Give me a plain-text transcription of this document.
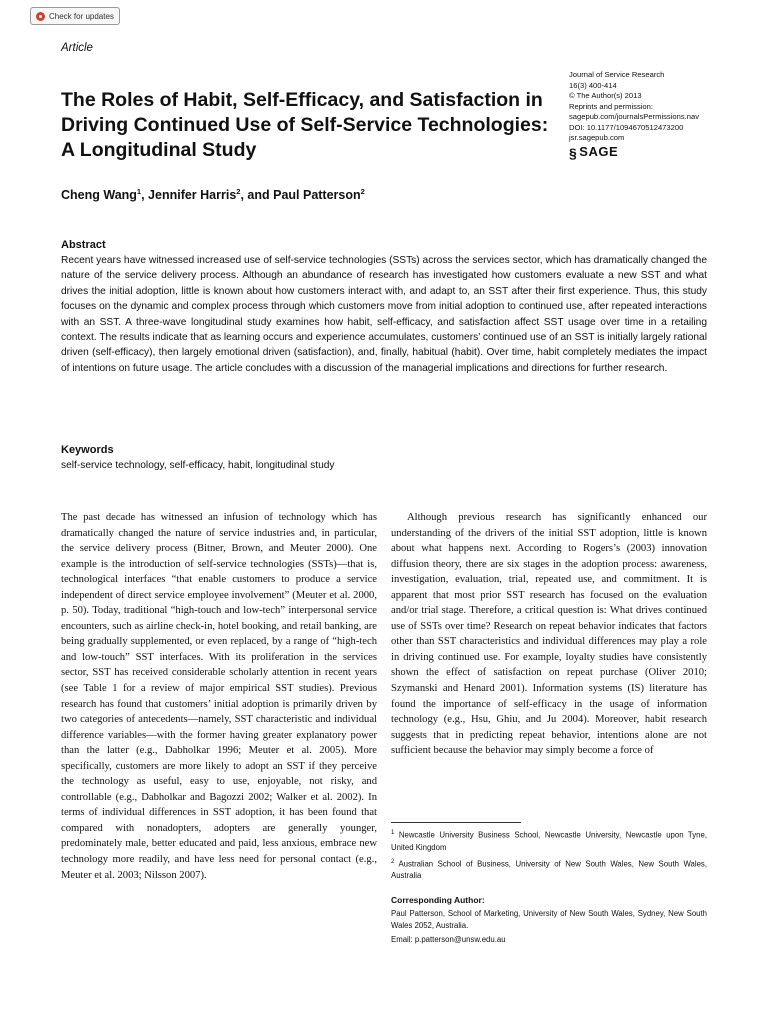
Check for updates
Article
Journal of Service Research
16(3) 400-414
© The Author(s) 2013
Reprints and permission:
sagepub.com/journalsPermissions.nav
DOI: 10.1177/1094670512473200
jsr.sagepub.com
§ SAGE
The Roles of Habit, Self-Efficacy, and Satisfaction in Driving Continued Use of Self-Service Technologies: A Longitudinal Study
Cheng Wang$^1$, Jennifer Harris$^2$, and Paul Patterson$^2$
Abstract

Recent years have witnessed increased use of self-service technologies (SSTs) across the services sector, which has dramatically changed the nature of the service delivery process. Although an abundance of research has investigated how customers evaluate a new SST and what drives the initial adoption, little is known about how customers interact with, and adapt to, an SST after their first experience. Thus, this study focuses on the dynamic and complex process through which customers move from initial adoption to continued use, after repeated interactions with an SST. A three-wave longitudinal study examines how habit, self-efficacy, and satisfaction affect SST usage over time in a retailing context. The results indicate that as learning occurs and experience accumulates, customers’ continued use of an SST is initially largely rational driven (self-efficacy), then largely emotional driven (satisfaction), and, finally, habitual (habit). Over time, habit completely mediates the impact of intentions on future usage. The article concludes with a discussion of the managerial implications and directions for further research.

Keywords
self-service technology, self-efficacy, habit, longitudinal study

The past decade has witnessed an infusion of technology which has dramatically changed the nature of service industries and, in particular, the service delivery process (Bitner, Brown, and Meuter 2000). One example is the introduction of self-service technologies (SSTs)—that is, technological interfaces “that enable customers to produce a service independent of direct service employee involvement” (Meuter et al. 2000, p. 50). Today, traditional “high-touch and low-tech” interpersonal service encounters, such as airline check-in, hotel booking, and retail banking, are being gradually supplemented, or even replaced, by a range of “high-tech and low-touch” SST interfaces. With its proliferation in the services sector, SST has received considerable scholarly attention in recent years (see Table 1 for a review of major empirical SST studies). Previous research has found that customers’ initial adoption is primarily driven by two categories of antecedents—namely, SST characteristic and individual difference variables—with the former having greater explanatory power than the latter (e.g., Dabholkar 1996; Meuter et al. 2005). More specifically, customers are more likely to adopt an SST if they perceive the technology as useful, easy to use, enjoyable, not risky, and controllable (e.g., Dabholkar and Bagozzi 2002; Walker et al. 2002). In terms of individual differences in SST adoption, it has been found that compared with nonadopters, adopters are generally younger, predominately male, better educated and paid, less anxious, embrace new technology more readily, and have less need for personal contact (e.g., Meuter et al. 2003; Nilsson 2007).

Although previous research has significantly enhanced our understanding of the drivers of the initial SST adoption, little is known about what happens next. According to Rogers’s (2003) innovation diffusion theory, there are six stages in the adoption process: awareness, investigation, evaluation, trial, repeated use, and commitment. It is apparent that most prior SST research has focused on the evaluation and/or trial stage. Therefore, a critical question is: What drives continued use of SSTs over time? Research on repeat behavior indicates that factors other than SST characteristics and individual differences may play a role in driving continued use. For example, loyalty studies have consistently shown the effect of satisfaction on repeat purchase (Oliver 2010; Szymanski and Henard 2001). Information systems (IS) literature has found the importance of self-efficacy in the usage of information technology (e.g., Hsu, Ghiu, and Ju 2004). Moreover, habit research suggests that in predicting repeat behavior, intentions alone are not sufficient because the behavior may simply become a force of

$^1$ Newcastle University Business School, Newcastle University, Newcastle upon Tyne, United Kingdom

$^2$ Australian School of Business, University of New South Wales, New South Wales, Australia

Corresponding Author:

Paul Patterson, School of Marketing, University of New South Wales, Sydney, New South Wales 2052, Australia.

Email: p.patterson@unsw.edu.au
